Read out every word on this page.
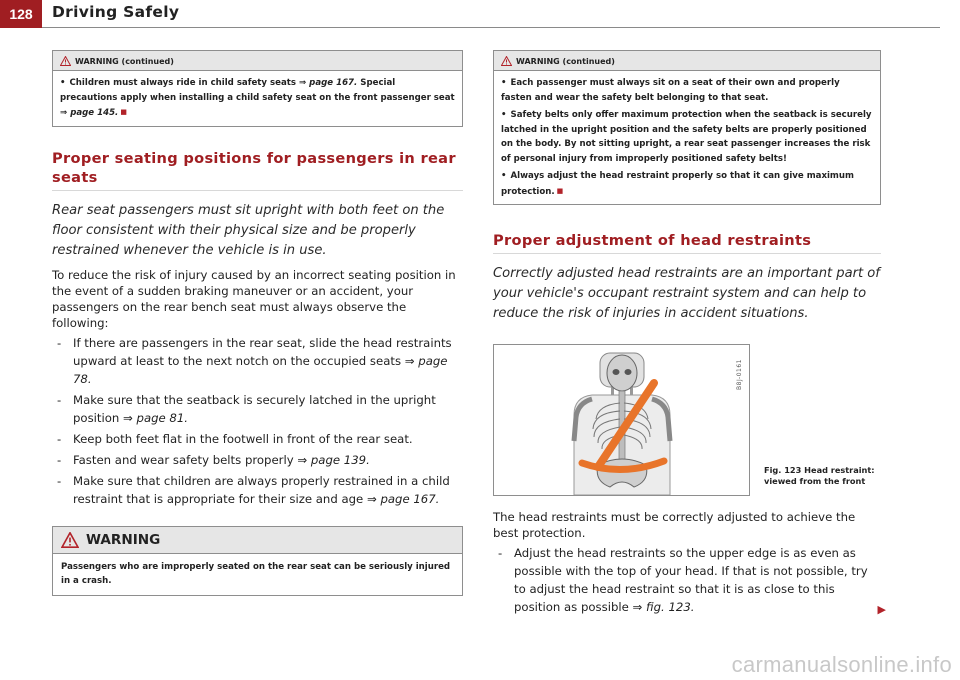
128	Driving Safely
WARNING (continued)

• Children must always ride in child safety seats ⇒ page 167. Special precautions apply when installing a child safety seat on the front passenger seat ⇒ page 145. ■

Proper seating positions for passengers in rear seats

Rear seat passengers must sit upright with both feet on the floor consistent with their physical size and be properly restrained whenever the vehicle is in use.

To reduce the risk of injury caused by an incorrect seating position in the event of a sudden braking maneuver or an accident, your passengers on the rear bench seat must always observe the following:

- If there are passengers in the rear seat, slide the head restraints upward at least to the next notch on the occupied seats ⇒ page 78.
- Make sure that the seatback is securely latched in the upright position ⇒ page 81.
- Keep both feet flat in the footwell in front of the rear seat.
- Fasten and wear safety belts properly ⇒ page 139.
- Make sure that children are always properly restrained in a child restraint that is appropriate for their size and age ⇒ page 167.
WARNING
Passengers who are improperly seated on the rear seat can be seriously injured in a crash.
WARNING (continued)

• Each passenger must always sit on a seat of their own and properly fasten and wear the safety belt belonging to that seat.

• Safety belts only offer maximum protection when the seatback is securely latched in the upright position and the safety belts are properly positioned on the body. By not sitting upright, a rear seat passenger increases the risk of personal injury from improperly positioned safety belts!

• Always adjust the head restraint properly so that it can give maximum protection. ■

Proper adjustment of head restraints

Correctly adjusted head restraints are an important part of your vehicle's occupant restraint system and can help to reduce the risk of injuries in accident situations.

B8J-0161
Fig. 123 Head restraint: viewed from the front

The head restraints must be correctly adjusted to achieve the best protection.

- Adjust the head restraints so the upper edge is as even as possible with the top of your head. If that is not possible, try to adjust the head restraint so that it is as close to this position as possible ⇒ fig. 123.	▶
carmanualsonline.info
